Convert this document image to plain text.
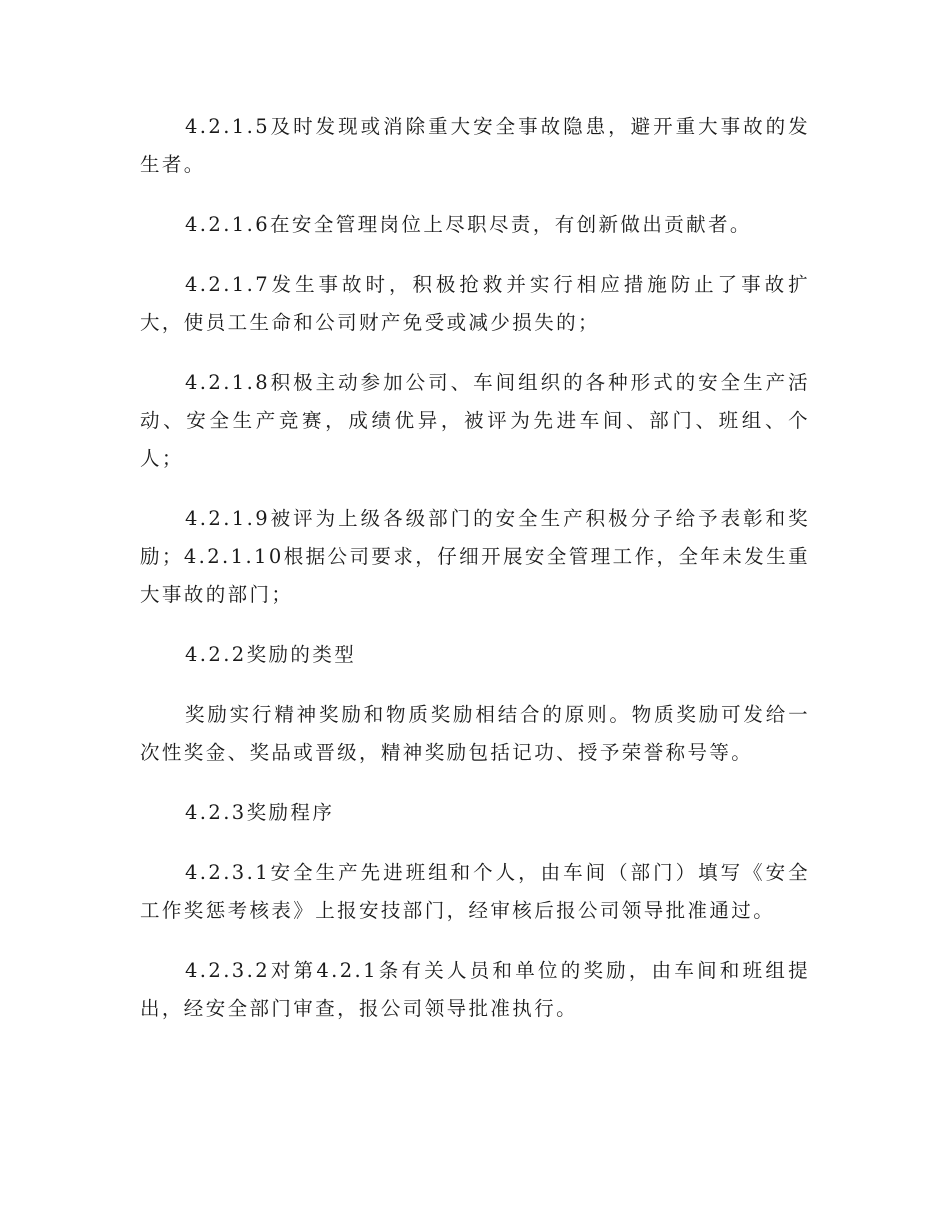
4.2.1.5及时发现或消除重大安全事故隐患，避开重大事故的发生者。

4.2.1.6在安全管理岗位上尽职尽责，有创新做出贡献者。

4.2.1.7发生事故时，积极抢救并实行相应措施防止了事故扩大，使员工生命和公司财产免受或减少损失的；

4.2.1.8积极主动参加公司、车间组织的各种形式的安全生产活动、安全生产竞赛，成绩优异，被评为先进车间、部门、班组、个人；

4.2.1.9被评为上级各级部门的安全生产积极分子给予表彰和奖励；4.2.1.10根据公司要求，仔细开展安全管理工作，全年未发生重大事故的部门；

4.2.2奖励的类型

奖励实行精神奖励和物质奖励相结合的原则。物质奖励可发给一次性奖金、奖品或晋级，精神奖励包括记功、授予荣誉称号等。

4.2.3奖励程序

4.2.3.1安全生产先进班组和个人，由车间（部门）填写《安全工作奖惩考核表》上报安技部门，经审核后报公司领导批准通过。

4.2.3.2对第4.2.1条有关人员和单位的奖励，由车间和班组提出，经安全部门审查，报公司领导批准执行。
